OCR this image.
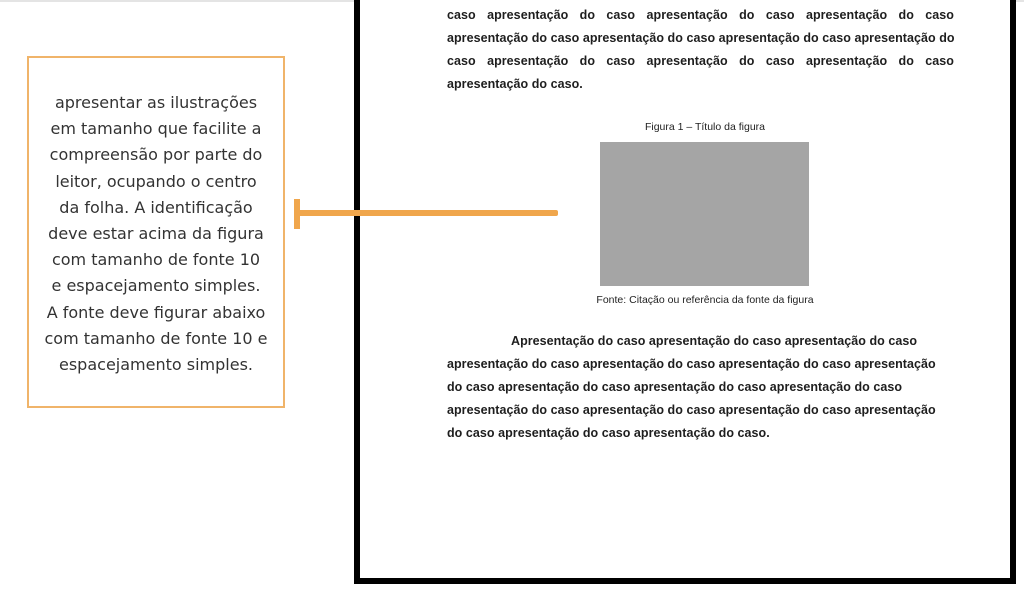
apresentar as ilustrações
em tamanho que facilite a
compreensão por parte do
leitor, ocupando o centro
da folha. A identificação
deve estar acima da figura
com tamanho de fonte 10
e espacejamento simples.
A fonte deve figurar abaixo
com tamanho de fonte 10 e
espacejamento simples.
caso apresentação do caso apresentação do caso apresentação do caso
apresentação do caso apresentação do caso apresentação do caso apresentação do
caso apresentação do caso apresentação do caso apresentação do caso
apresentação do caso.
Figura 1 – Título da figura
Fonte: Citação ou referência da fonte da figura
Apresentação do caso apresentação do caso apresentação do caso
apresentação do caso apresentação do caso apresentação do caso apresentação
do caso apresentação do caso apresentação do caso apresentação do caso
apresentação do caso apresentação do caso apresentação do caso apresentação
do caso apresentação do caso apresentação do caso.
